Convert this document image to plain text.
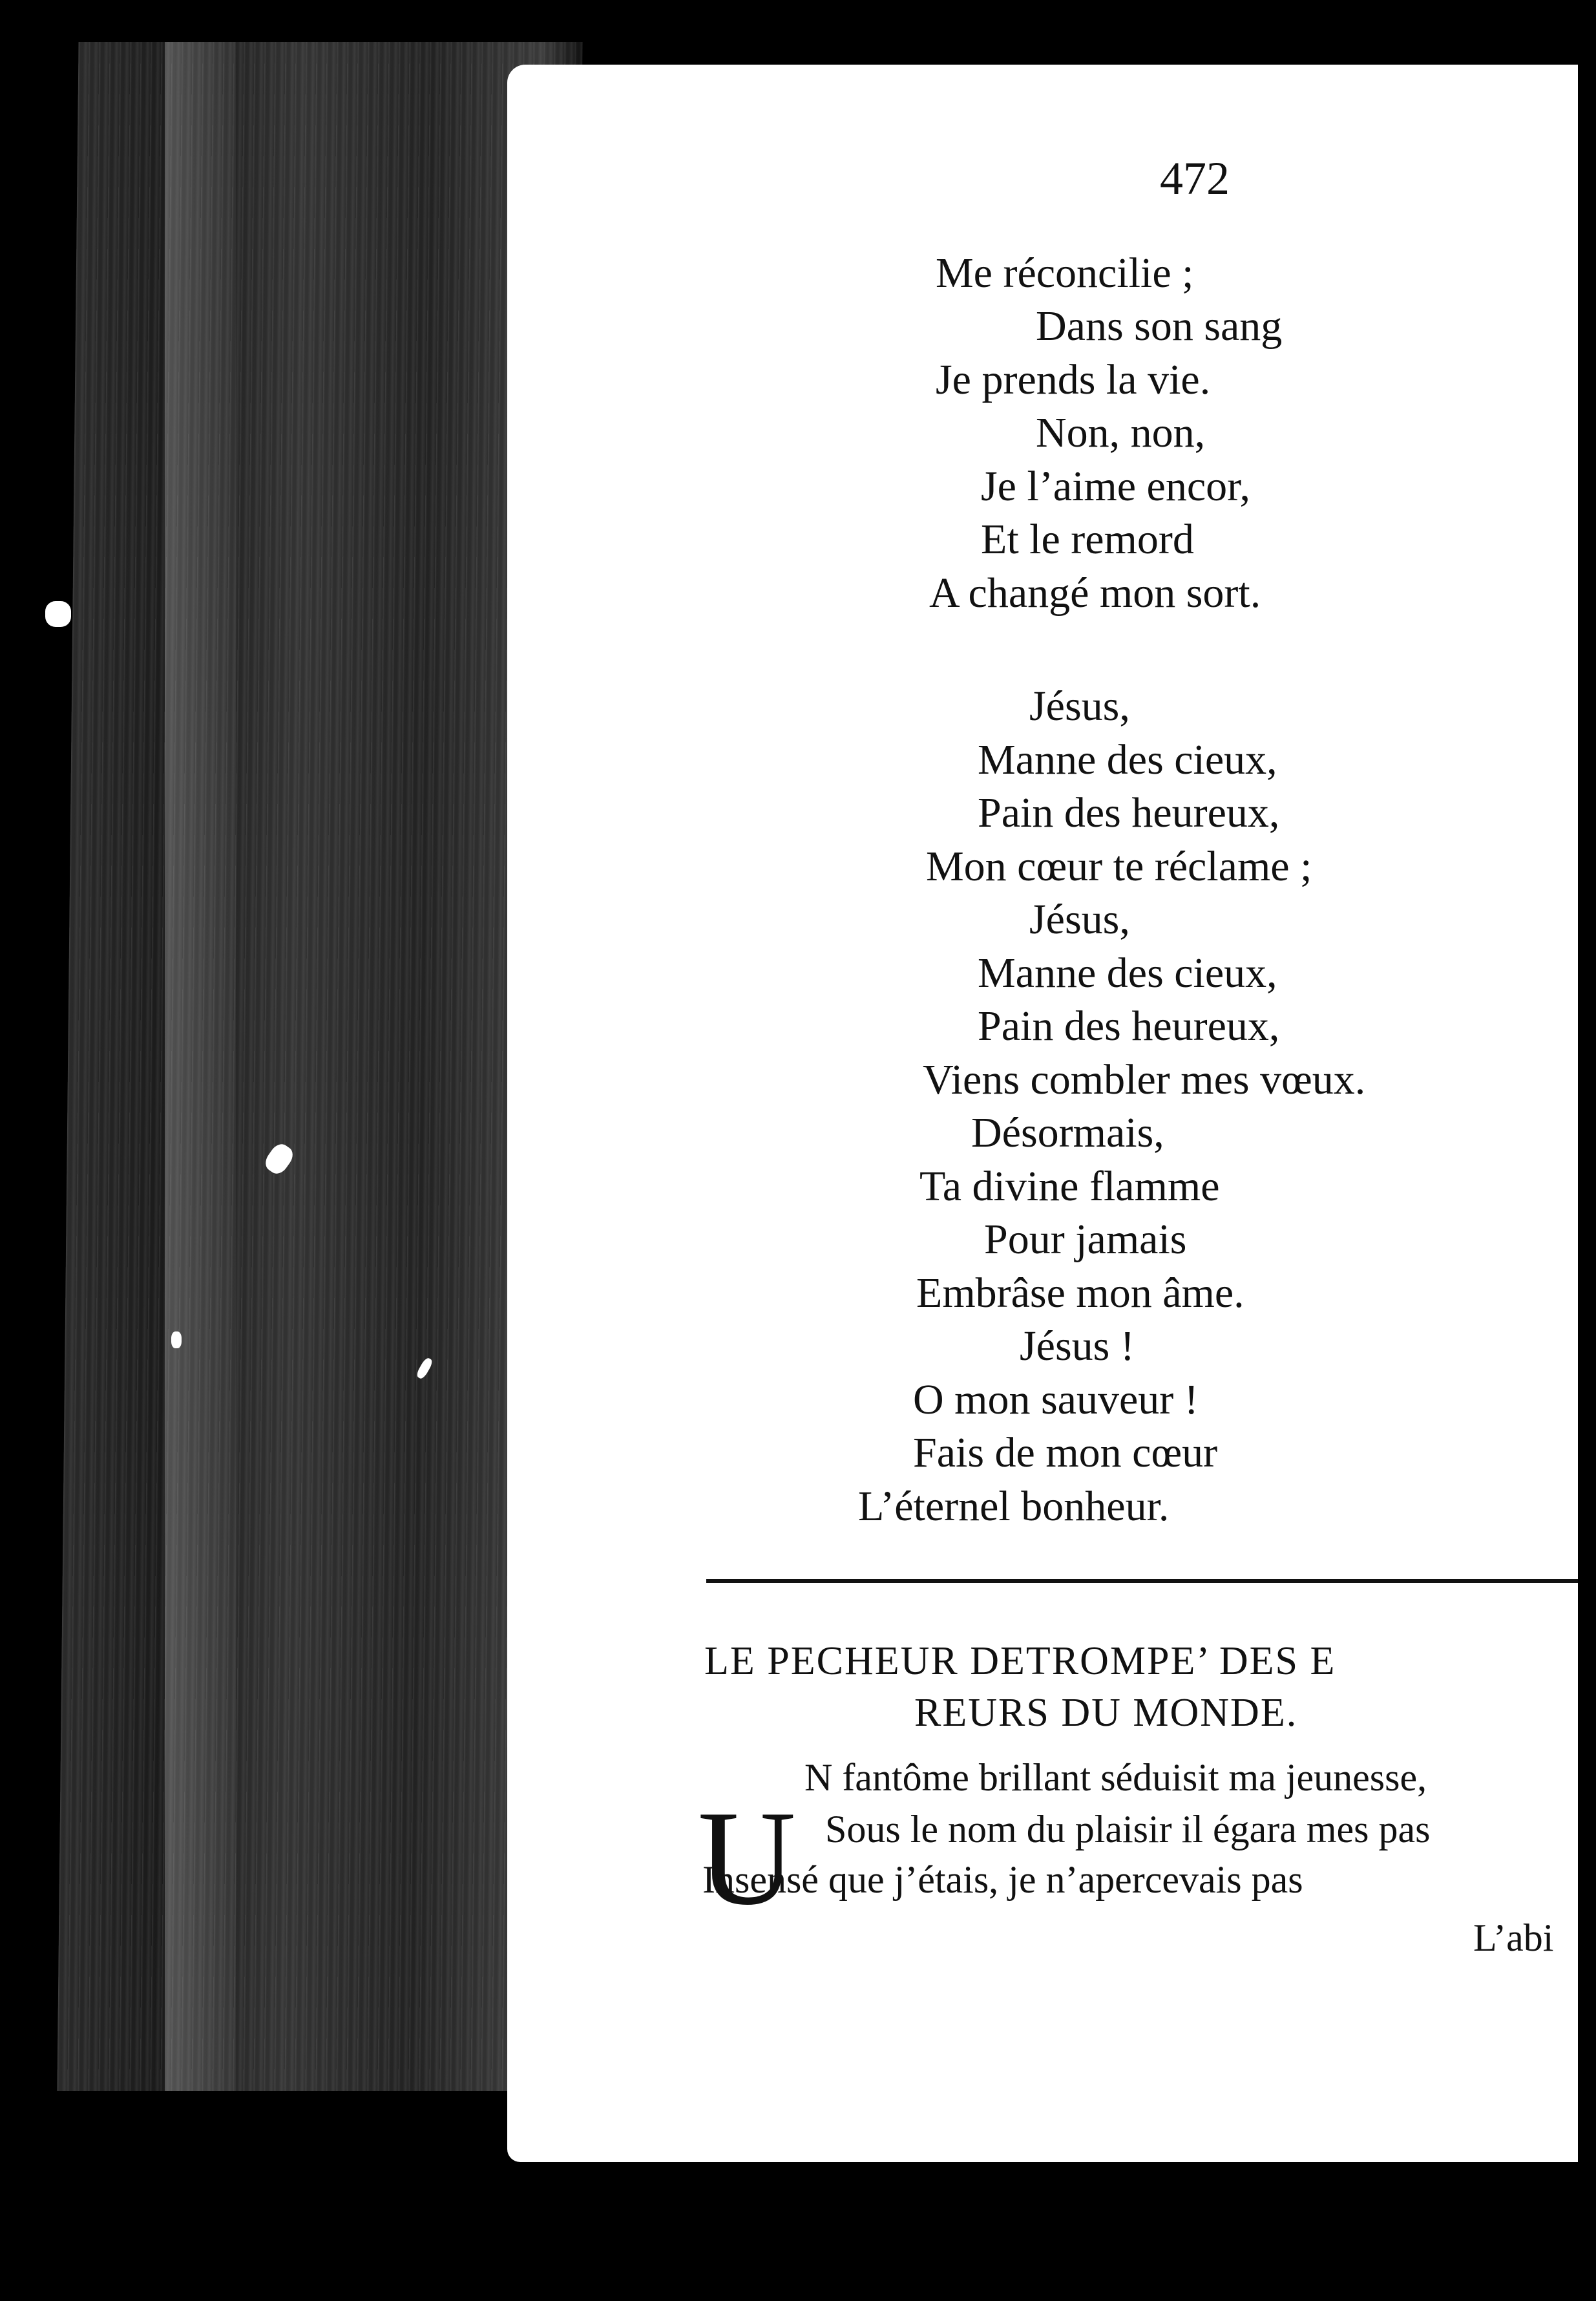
472
Me réconcilie ;
Dans son sang
Je prends la vie.
Non, non,
Je l’aime encor,
Et le remord
A changé mon sort.
Jésus,
Manne des cieux,
Pain des heureux,
Mon cœur te réclame ;
Jésus,
Manne des cieux,
Pain des heureux,
Viens combler mes vœux.
Désormais,
Ta divine flamme
Pour jamais
Embrâse mon âme.
Jésus !
O mon sauveur !
Fais de mon cœur
L’éternel bonheur.
LE PECHEUR DETROMPE’ DES E
REURS DU MONDE.
U
N fantôme brillant séduisit ma jeunesse,
Sous le nom du plaisir il égara mes pas
Insensé que j’étais, je n’apercevais pas
L’abi
